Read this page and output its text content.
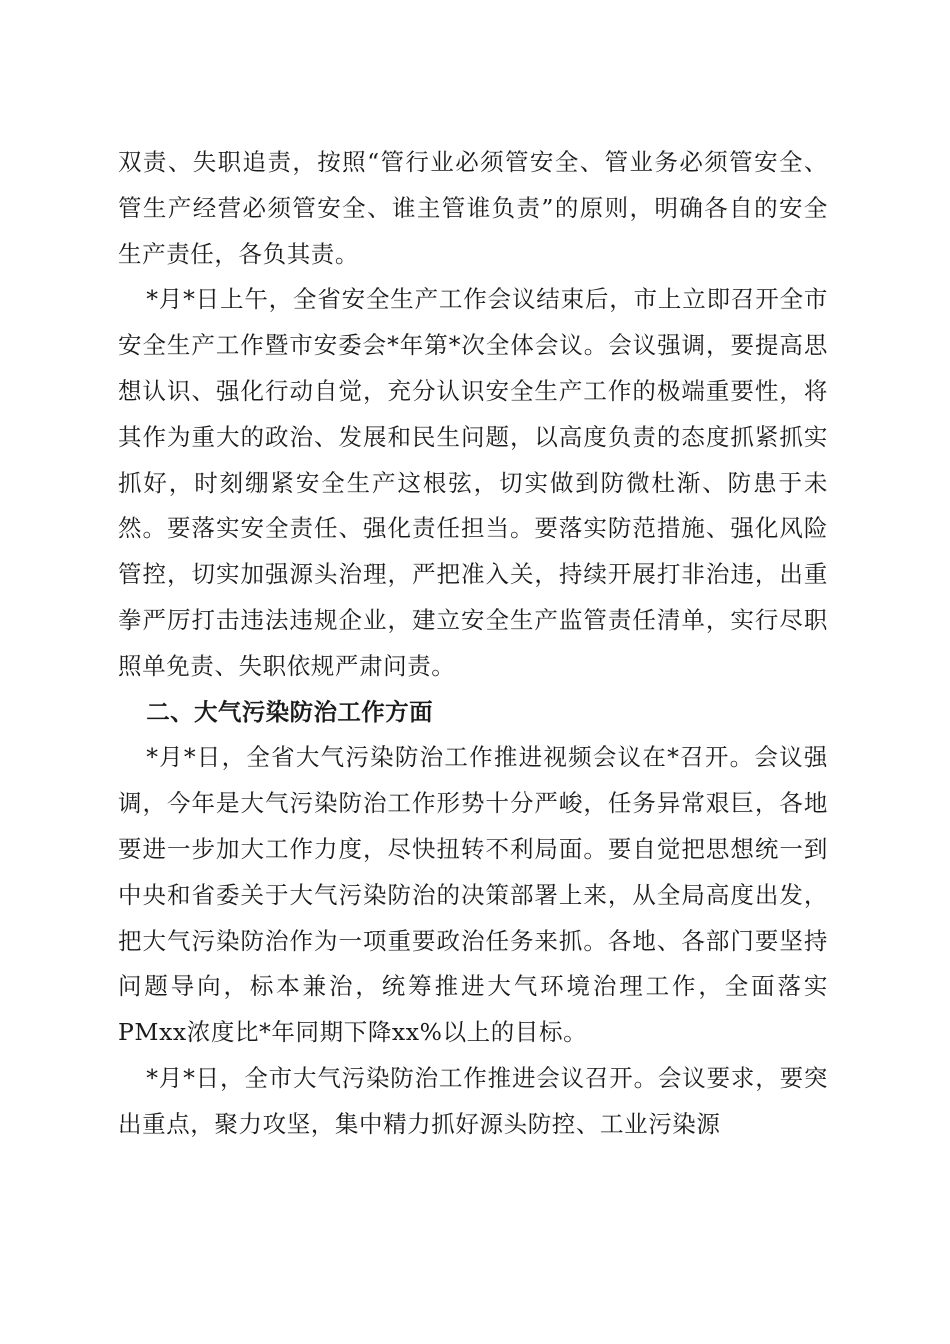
双责、失职追责，按照“管行业必须管安全、管业务必须管安全、管生产经营必须管安全、谁主管谁负责”的原则，明确各自的安全生产责任，各负其责。

*月*日上午，全省安全生产工作会议结束后，市上立即召开全市安全生产工作暨市安委会*年第*次全体会议。会议强调，要提高思想认识、强化行动自觉，充分认识安全生产工作的极端重要性，将其作为重大的政治、发展和民生问题，以高度负责的态度抓紧抓实抓好，时刻绷紧安全生产这根弦，切实做到防微杜渐、防患于未然。要落实安全责任、强化责任担当。要落实防范措施、强化风险管控，切实加强源头治理，严把准入关，持续开展打非治违，出重拳严厉打击违法违规企业，建立安全生产监管责任清单，实行尽职照单免责、失职依规严肃问责。

二、大气污染防治工作方面

*月*日，全省大气污染防治工作推进视频会议在*召开。会议强调，今年是大气污染防治工作形势十分严峻，任务异常艰巨，各地要进一步加大工作力度，尽快扭转不利局面。要自觉把思想统一到中央和省委关于大气污染防治的决策部署上来，从全局高度出发，把大气污染防治作为一项重要政治任务来抓。各地、各部门要坚持问题导向，标本兼治，统筹推进大气环境治理工作，全面落实PMxx浓度比*年同期下降xx%以上的目标。

*月*日，全市大气污染防治工作推进会议召开。会议要求，要突出重点，聚力攻坚，集中精力抓好源头防控、工业污染源
